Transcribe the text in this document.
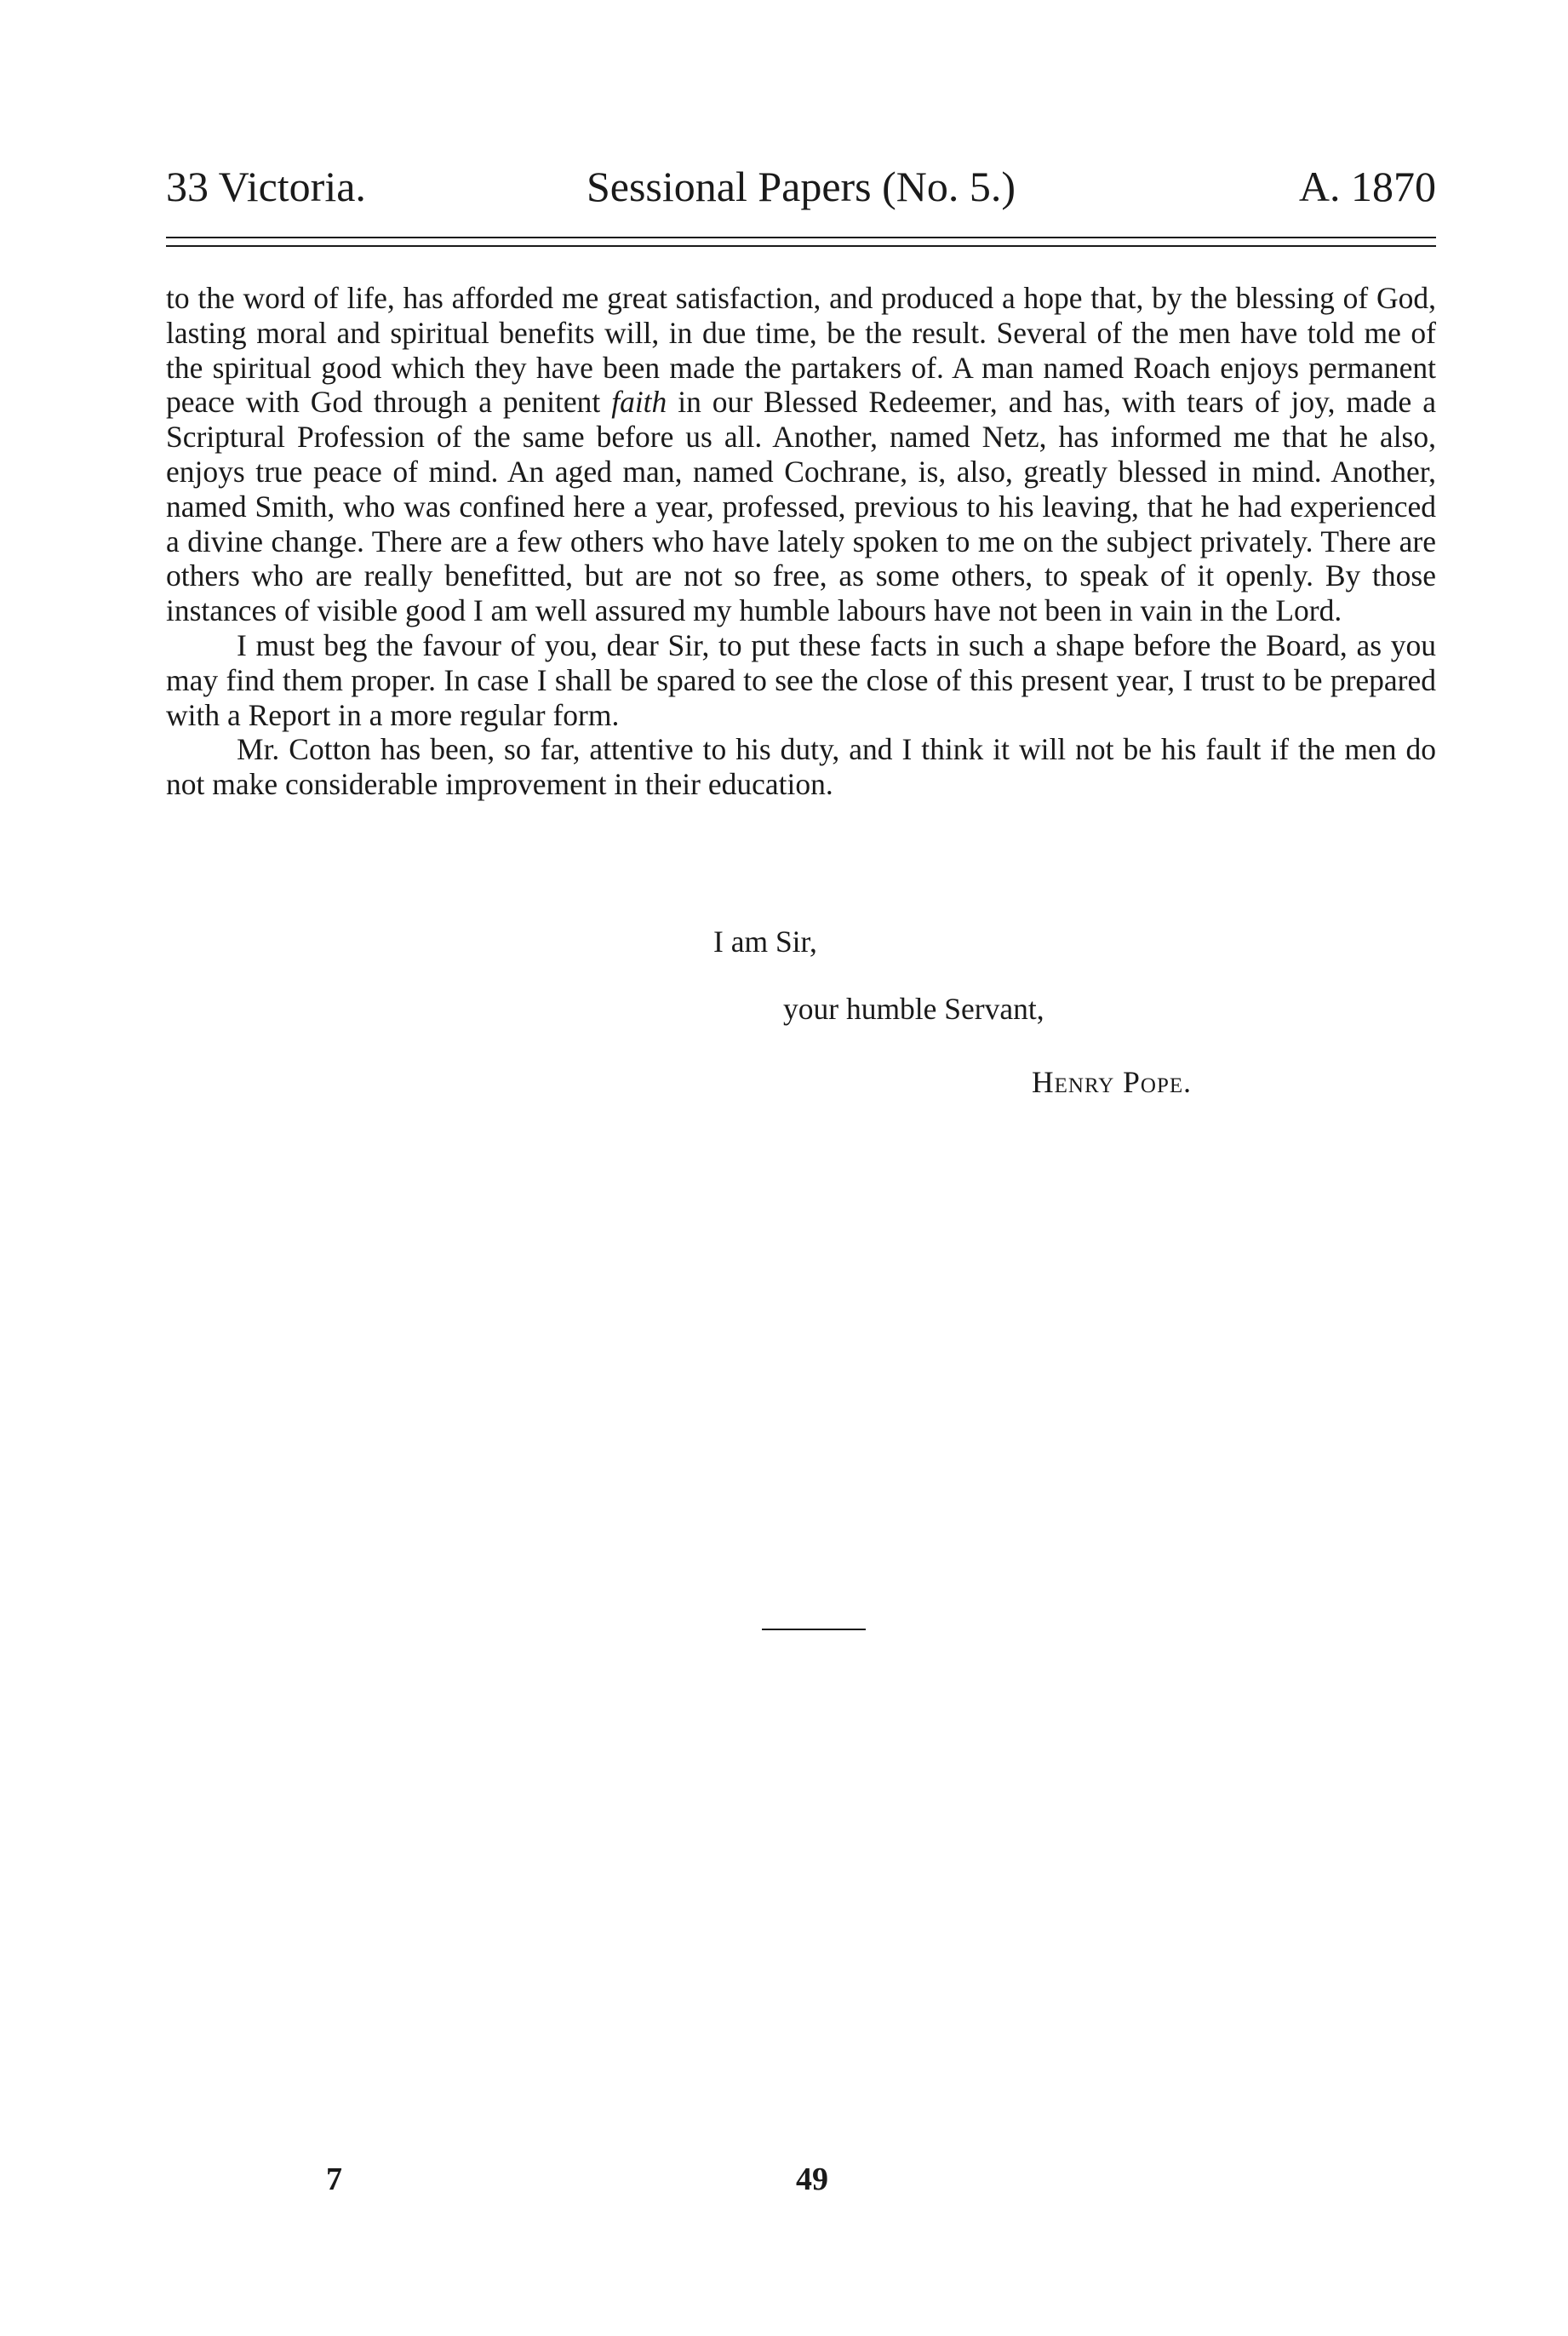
33 Victoria.	Sessional Papers (No. 5.)	A. 1870

to the word of life, has afforded me great satisfaction, and produced a hope that, by the blessing of God, lasting moral and spiritual benefits will, in due time, be the result. Several of the men have told me of the spiritual good which they have been made the partakers of. A man named Roach enjoys permanent peace with God through a penitent faith in our Blessed Redeemer, and has, with tears of joy, made a Scriptural Profession of the same before us all. Another, named Netz, has informed me that he also, enjoys true peace of mind. An aged man, named Cochrane, is, also, greatly blessed in mind. Another, named Smith, who was confined here a year, professed, previous to his leaving, that he had experienced a divine change. There are a few others who have lately spoken to me on the subject privately. There are others who are really benefitted, but are not so free, as some others, to speak of it openly. By those instances of visible good I am well assured my humble labours have not been in vain in the Lord.

I must beg the favour of you, dear Sir, to put these facts in such a shape before the Board, as you may find them proper. In case I shall be spared to see the close of this present year, I trust to be prepared with a Report in a more regular form.

Mr. Cotton has been, so far, attentive to his duty, and I think it will not be his fault if the men do not make considerable improvement in their education.

I am Sir,
your humble Servant,
Henry Pope.
7	49
